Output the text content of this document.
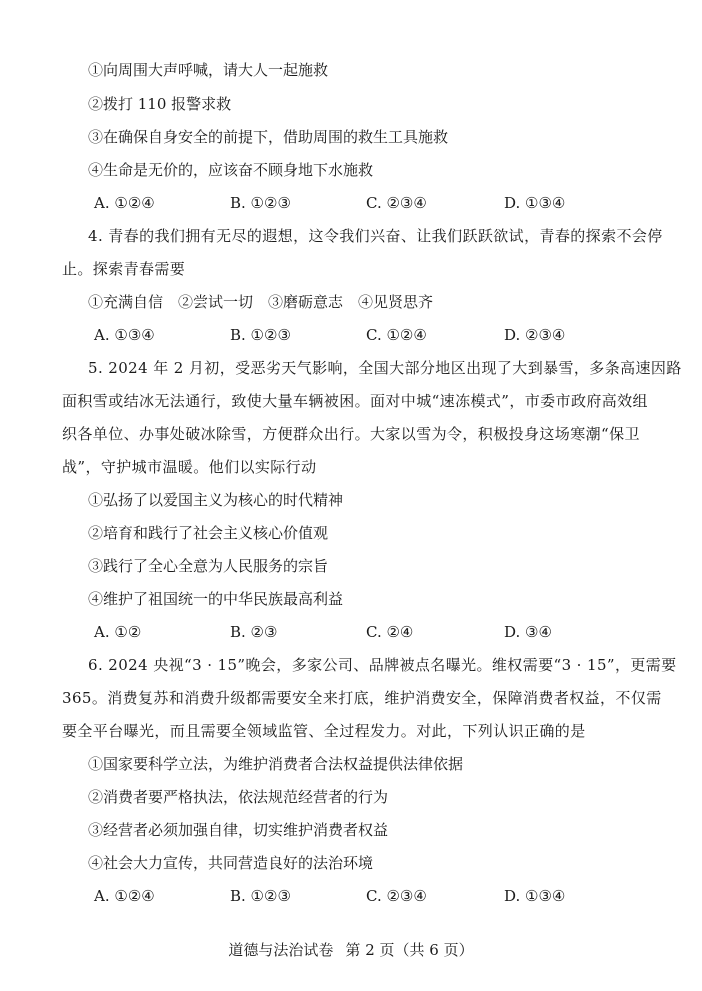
①向周围大声呼喊，请大人一起施救
②拨打 110 报警求救
③在确保自身安全的前提下，借助周围的救生工具施救
④生命是无价的，应该奋不顾身地下水施救
A. ①②④	B. ①②③	C. ②③④	D. ①③④
4. 青春的我们拥有无尽的遐想，这令我们兴奋、让我们跃跃欲试，青春的探索不会停
止。探索青春需要
①充满自信　②尝试一切　③磨砺意志　④见贤思齐
A. ①③④	B. ①②③	C. ①②④	D. ②③④
5. 2024 年 2 月初，受恶劣天气影响，全国大部分地区出现了大到暴雪，多条高速因路
面积雪或结冰无法通行，致使大量车辆被困。面对中城“速冻模式”，市委市政府高效组
织各单位、办事处破冰除雪，方便群众出行。大家以雪为令，积极投身这场寒潮“保卫
战”，守护城市温暖。他们以实际行动
①弘扬了以爱国主义为核心的时代精神
②培育和践行了社会主义核心价值观
③践行了全心全意为人民服务的宗旨
④维护了祖国统一的中华民族最高利益
A. ①②	B. ②③	C. ②④	D. ③④
6. 2024 央视“3 · 15”晚会，多家公司、品牌被点名曝光。维权需要“3 · 15”，更需要
365。消费复苏和消费升级都需要安全来打底，维护消费安全，保障消费者权益，不仅需
要全平台曝光，而且需要全领域监管、全过程发力。对此，下列认识正确的是
①国家要科学立法，为维护消费者合法权益提供法律依据
②消费者要严格执法，依法规范经营者的行为
③经营者必须加强自律，切实维护消费者权益
④社会大力宣传，共同营造良好的法治环境
A. ①②④	B. ①②③	C. ②③④	D. ①③④
道德与法治试卷 第 2 页（共 6 页）
